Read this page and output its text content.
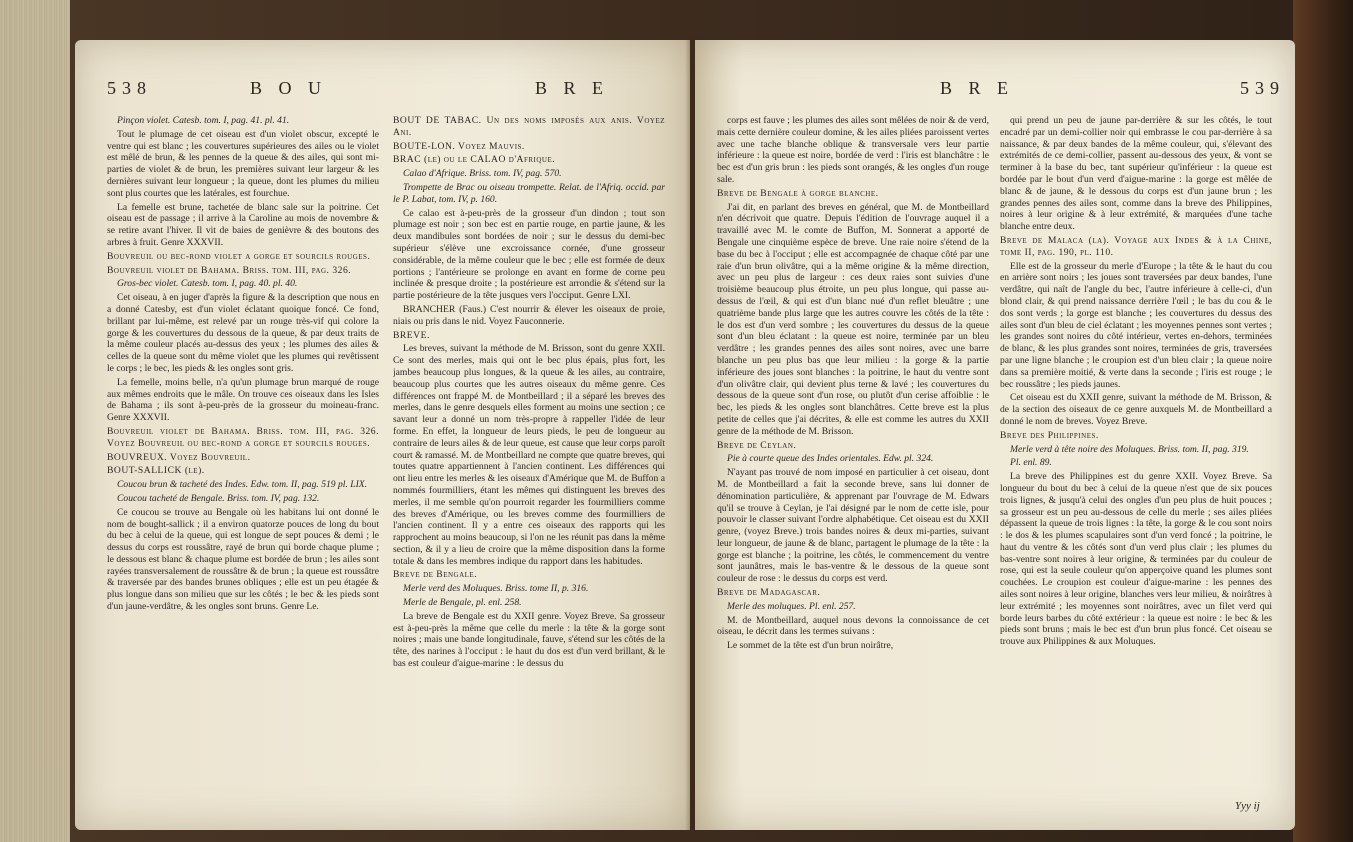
538	B O U	B R E

Pinçon violet. Catesb. tom. I, pag. 41. pl. 41.

Tout le plumage de cet oiseau est d'un violet obscur, excepté le ventre qui est blanc ; les couvertures supérieures des ailes ou le violet est mêlé de brun, & les pennes de la queue & des ailes, qui sont mi-parties de violet & de brun, les premières suivant leur largeur & les dernières suivant leur longueur ; la queue, dont les plumes du milieu sont plus courtes que les latérales, est fourchue.

La femelle est brune, tachetée de blanc sale sur la poitrine. Cet oiseau est de passage ; il arrive à la Caroline au mois de novembre & se retire avant l'hiver. Il vit de baies de genièvre & des boutons des arbres à fruit. Genre XXXVII.

Bouvreuil ou bec-rond violet a gorge et sourcils rouges.

Bouvreuil violet de Bahama. Briss. tom. III, pag. 326.

Gros-bec violet. Catesb. tom. I, pag. 40. pl. 40.

Cet oiseau, à en juger d'après la figure & la description que nous en a donné Catesby, est d'un violet éclatant quoique foncé. Ce fond, brillant par lui-même, est relevé par un rouge très-vif qui colore la gorge & les couvertures du dessous de la queue, & par deux traits de la même couleur placés au-dessus des yeux ; les plumes des ailes & celles de la queue sont du même violet que les plumes qui revêtissent le corps ; le bec, les pieds & les ongles sont gris.

La femelle, moins belle, n'a qu'un plumage brun marqué de rouge aux mêmes endroits que le mâle. On trouve ces oiseaux dans les Isles de Bahama ; ils sont à-peu-près de la grosseur du moineau-franc. Genre XXXVII.

Bouvreuil violet de Bahama. Briss. tom. III, pag. 326. Voyez Bouvreuil ou bec-rond a gorge et sourcils rouges.

BOUVREUX. Voyez Bouvreuil.

BOUT-SALLICK (le).

Coucou brun & tacheté des Indes. Edw. tom. II, pag. 519 pl. LIX.

Coucou tacheté de Bengale. Briss. tom. IV, pag. 132.

Ce coucou se trouve au Bengale où les habitans lui ont donné le nom de bought-sallick ; il a environ quatorze pouces de long du bout du bec à celui de la queue, qui est longue de sept pouces & demi ; le dessus du corps est roussâtre, rayé de brun qui borde chaque plume ; le dessous est blanc & chaque plume est bordée de brun ; les ailes sont rayées transversalement de roussâtre & de brun ; la queue est roussâtre & traversée par des bandes brunes obliques ; elle est un peu étagée & plus longue dans son milieu que sur les côtés ; le bec & les pieds sont d'un jaune-verdâtre, & les ongles sont bruns. Genre Le.

BOUT DE TABAC. Un des noms imposés aux anis. Voyez Ani.

BOUTE-LON. Voyez Mauvis.

BRAC (le) ou le CALAO d'Afrique.

Calao d'Afrique. Briss. tom. IV, pag. 570.

Trompette de Brac ou oiseau trompette. Relat. de l'Afriq. occid. par le P. Labat, tom. IV, p. 160.

Ce calao est à-peu-près de la grosseur d'un dindon ; tout son plumage est noir ; son bec est en partie rouge, en partie jaune, & les deux mandibules sont bordées de noir ; sur le dessus du demi-bec supérieur s'élève une excroissance cornée, d'une grosseur considérable, de la même couleur que le bec ; elle est formée de deux portions ; l'antérieure se prolonge en avant en forme de corne peu inclinée & presque droite ; la postérieure est arrondie & s'étend sur la partie postérieure de la tête jusques vers l'occiput. Genre LXI.

BRANCHER (Faus.) C'est nourrir & élever les oiseaux de proie, niais ou pris dans le nid. Voyez Fauconnerie.

BREVE.

Les breves, suivant la méthode de M. Brisson, sont du genre XXII. Ce sont des merles, mais qui ont le bec plus épais, plus fort, les jambes beaucoup plus longues, & la queue & les ailes, au contraire, beaucoup plus courtes que les autres oiseaux du même genre. Ces différences ont frappé M. de Montbeillard ; il a séparé les breves des merles, dans le genre desquels elles forment au moins une section ; ce savant leur a donné un nom très-propre à rappeller l'idée de leur forme. En effet, la longueur de leurs pieds, le peu de longueur au contraire de leurs ailes & de leur queue, est cause que leur corps paroît court & ramassé. M. de Montbeillard ne compte que quatre breves, qui toutes quatre appartiennent à l'ancien continent. Les différences qui ont lieu entre les merles & les oiseaux d'Amérique que M. de Buffon a nommés fourmilliers, étant les mêmes qui distinguent les breves des merles, il me semble qu'on pourroit regarder les fourmilliers comme des breves d'Amérique, ou les breves comme des fourmilliers de l'ancien continent. Il y a entre ces oiseaux des rapports qui les rapprochent au moins beaucoup, si l'on ne les réunit pas dans la même section, & il y a lieu de croire que la même disposition dans la forme totale & dans les membres indique du rapport dans les habitudes.

Breve de Bengale.

Merle verd des Moluques. Briss. tome II, p. 316.

Merle de Bengale, pl. enl. 258.

La breve de Bengale est du XXII genre. Voyez Breve. Sa grosseur est à-peu-près la même que celle du merle : la tête & la gorge sont noires ; mais une bande longitudinale, fauve, s'étend sur les côtés de la tête, des narines à l'occiput : le haut du dos est d'un verd brillant, & le bas est couleur d'aigue-marine : le dessus du

B R E	539

corps est fauve ; les plumes des ailes sont mêlées de noir & de verd, mais cette dernière couleur domine, & les ailes pliées paroissent vertes avec une tache blanche oblique & transversale vers leur partie inférieure : la queue est noire, bordée de verd : l'iris est blanchâtre : le bec est d'un gris brun : les pieds sont orangés, & les ongles d'un rouge sale.

Breve de Bengale à gorge blanche.

J'ai dit, en parlant des breves en général, que M. de Montbeillard n'en décrivoit que quatre. Depuis l'édition de l'ouvrage auquel il a travaillé avec M. le comte de Buffon, M. Sonnerat a apporté de Bengale une cinquième espèce de breve. Une raie noire s'étend de la base du bec à l'occiput ; elle est accompagnée de chaque côté par une raie d'un brun olivâtre, qui a la même origine & la même direction, avec un peu plus de largeur : ces deux raies sont suivies d'une troisième beaucoup plus étroite, un peu plus longue, qui passe au-dessus de l'œil, & qui est d'un blanc nué d'un reflet bleuâtre ; une quatrième bande plus large que les autres couvre les côtés de la tête : le dos est d'un verd sombre ; les couvertures du dessus de la queue sont d'un bleu éclatant : la queue est noire, terminée par un bleu verdâtre ; les grandes pennes des ailes sont noires, avec une barre blanche un peu plus bas que leur milieu : la gorge & la partie inférieure des joues sont blanches : la poitrine, le haut du ventre sont d'un olivâtre clair, qui devient plus terne & lavé ; les couvertures du dessous de la queue sont d'un rose, ou plutôt d'un cerise affoiblie : le bec, les pieds & les ongles sont blanchâtres. Cette breve est la plus petite de celles que j'ai décrites, & elle est comme les autres du XXII genre de la méthode de M. Brisson.

Breve de Ceylan.

Pie à courte queue des Indes orientales. Edw. pl. 324.

N'ayant pas trouvé de nom imposé en particulier à cet oiseau, dont M. de Montbeillard a fait la seconde breve, sans lui donner de dénomination particulière, & apprenant par l'ouvrage de M. Edwars qu'il se trouve à Ceylan, je l'ai désigné par le nom de cette isle, pour pouvoir le classer suivant l'ordre alphabétique. Cet oiseau est du XXII genre, (voyez Breve.) trois bandes noires & deux mi-parties, suivant leur longueur, de jaune & de blanc, partagent le plumage de la tête : la gorge est blanche ; la poitrine, les côtés, le commencement du ventre sont jaunâtres, mais le bas-ventre & le dessous de la queue sont couleur de rose : le dessus du corps est verd.

Breve de Madagascar.

Merle des moluques. Pl. enl. 257.

M. de Montbeillard, auquel nous devons la connoissance de cet oiseau, le décrit dans les termes suivans :

Le sommet de la tête est d'un brun noirâtre,

qui prend un peu de jaune par-derrière & sur les côtés, le tout encadré par un demi-collier noir qui embrasse le cou par-derrière à sa naissance, & par deux bandes de la même couleur, qui, s'élevant des extrémités de ce demi-collier, passent au-dessous des yeux, & vont se terminer à la base du bec, tant supérieur qu'inférieur : la queue est bordée par le bout d'un verd d'aigue-marine : la gorge est mêlée de blanc & de jaune, & le dessous du corps est d'un jaune brun ; les grandes pennes des ailes sont, comme dans la breve des Philippines, noires à leur origine & à leur extrémité, & marquées d'une tache blanche entre deux.

Breve de Malaca (la). Voyage aux Indes & à la Chine, tome II, pag. 190, pl. 110.

Elle est de la grosseur du merle d'Europe ; la tête & le haut du cou en arrière sont noirs ; les joues sont traversées par deux bandes, l'une verdâtre, qui naît de l'angle du bec, l'autre inférieure à celle-ci, d'un blond clair, & qui prend naissance derrière l'œil ; le bas du cou & le dos sont verds ; la gorge est blanche ; les couvertures du dessus des ailes sont d'un bleu de ciel éclatant ; les moyennes pennes sont vertes ; les grandes sont noires du côté intérieur, vertes en-dehors, terminées de blanc, & les plus grandes sont noires, terminées de gris, traversées par une ligne blanche ; le croupion est d'un bleu clair ; la queue noire dans sa première moitié, & verte dans la seconde ; l'iris est rouge ; le bec roussâtre ; les pieds jaunes.

Cet oiseau est du XXII genre, suivant la méthode de M. Brisson, & de la section des oiseaux de ce genre auxquels M. de Montbeillard a donné le nom de breves. Voyez Breve.

Breve des Philippines.

Merle verd à tête noire des Moluques. Briss. tom. II, pag. 319.

Pl. enl. 89.

La breve des Philippines est du genre XXII. Voyez Breve. Sa longueur du bout du bec à celui de la queue n'est que de six pouces trois lignes, & jusqu'à celui des ongles d'un peu plus de huit pouces ; sa grosseur est un peu au-dessous de celle du merle ; ses ailes pliées dépassent la queue de trois lignes : la tête, la gorge & le cou sont noirs : le dos & les plumes scapulaires sont d'un verd foncé ; la poitrine, le haut du ventre & les côtés sont d'un verd plus clair ; les plumes du bas-ventre sont noires à leur origine, & terminées par du couleur de rose, qui est la seule couleur qu'on apperçoive quand les plumes sont couchées. Le croupion est couleur d'aigue-marine : les pennes des ailes sont noires à leur origine, blanches vers leur milieu, & noirâtres à leur extrémité ; les moyennes sont noirâtres, avec un filet verd qui borde leurs barbes du côté extérieur : la queue est noire : le bec & les pieds sont bruns ; mais le bec est d'un brun plus foncé. Cet oiseau se trouve aux Philippines & aux Moluques.

Yyy ij
